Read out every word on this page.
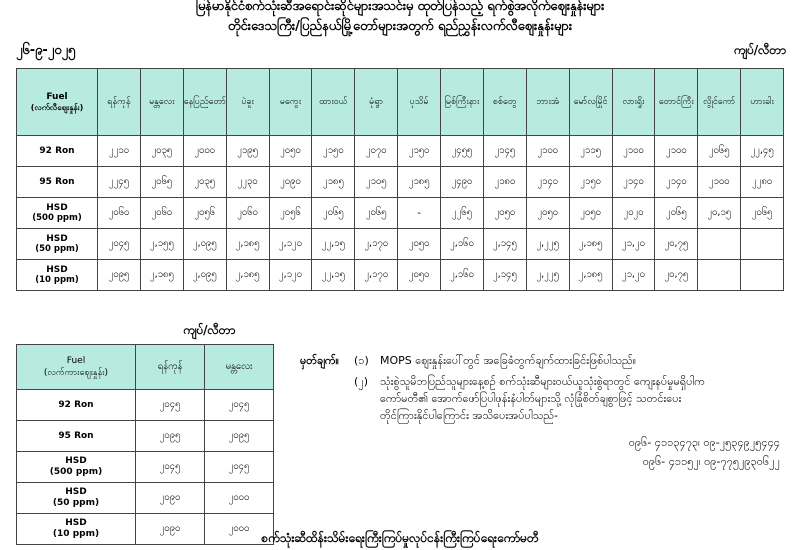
မြန်မာနိုင်ငံစက်သုံးဆီအရောင်းဆိုင်များအသင်းမှ ထုတ်ပြန်သည့် ရက်စွဲအလိုက်စျေးနှုန်းများ
တိုင်းဒေသကြီး/ပြည်နယ်မြို့တော်များအတွက် ရည်ညွှန်းလက်လီဈေးနှုန်းများ
၂၆-၉-၂၀၂၅	ကျပ်/လီတာ
Fuel
(လက်လီဈေးနှုန်း)	ရန်ကုန်	မန္တလေး	နေပြည်တော်	ပဲခူး	မကွေး	ထားဝယ်	မုံရွာ	ပုသိမ်	မြစ်ကြီးနား	စစ်တွေ	ဘားအံ	မော်လမြိုင်	လားရှိုး	တောင်ကြီး	လွိုင်ကော်	ဟားခါး

92 Ron	၂၂၁၀	၂၀၃၅	၂၀၀၀	၂၁၉၅	၂၀၅၀	၂၁၅၀	၂၀၇၀	၂၁၅၀	၂၄၅၅	၂၁၄၅	၂၁၀၀	၂၁၁၅	၂၁၀၀	၂၁၀၀	၂၀၆၅	၂၂,၄၅

95 Ron	၂၂၄၅	၂၀၆၅	၂၀၃၅	၂၂၃၀	၂၀၉၀	၂၁၈၅	၂၁၀၅	၂၁၈၅	၂၄၉၀	၂၁၈၀	၂၁၄၀	၂၁၅၀	၂၁၄၀	၂၁၄၀	၂၁၀၀	၂၂၈၀

HSD
(500 ppm)	၂၀၆၀	၂၀၆၀	၂၀၅၆	၂၀၆၀	၂၀၅၆	၂၀၆၅	၂၀၆၅	-	၂၂၆၅	၂၀၅၀	၂၀၅၀	၂၀၅၀	၂၀၂၀	၂၀၆၅	၂၀,၁၅	၂၀၆၅

HSD
(50 ppm)	၂၀၄၅	၂,၁၅၅	၂,၀၉၅	၂,၁၈၅	၂,၁၂၀	၂၂,၁၅	၂,၁၇၀	၂၀၅၀	၂,၁၆၀	၂,၁၄၅	၂,၂၂၅	၂,၁၈၅	၂၁,၂၀	၂၀,၇၅		

HSD
(10 ppm)	၂၀၉၅	၂,၁၈၅	၂,၀၉၅	၂,၁၈၅	၂,၁၂၀	၂၂,၁၅	၂,၁၇၀	၂၀၅၀	၂,၁၆၀	၂,၁၄၅	၂,၂၂၅	၂,၁၈၅	၂၁,၂၀	၂၀,၇၅		
ကျပ်/လီတာ
Fuel
(လက်ကားဈေးနှုန်း)	ရန်ကုန်	မန္တလေး

92 Ron	၂၀၄၅	၂၀၄၅

95 Ron	၂၀၉၅	၂၀၉၅

HSD
(500 ppm)	၂၀၄၅	၂၀၄၅

HSD
(50 ppm)	၂၀၉၀	၂၀၀၀

HSD
(10 ppm)	၂၀၉၀	၂၀၀၀
မှတ်ချက်။	(၁)	MOPS ဈေးနှုန်းပေါ်တွင် အခြေခံတွက်ချက်ထားခြင်းဖြစ်ပါသည်။
(၂)	သုံးစွဲသူမိဘပြည်သူများနေ့စဉ် စက်သုံးဆီများဝယ်ယူသုံးစွဲရာတွင် ကျေးနပ်မှုမရှိပါက
ကော်မတီ၏ အောက်ဖော်ပြပါဖုန်းနံပါတ်များသို့ လုံခြုံစိတ်ချစွာဖြင့် သတင်းပေး
တိုင်ကြားနိုင်ပါကြောင်း အသိပေးအပ်ပါသည်-
၀၉၆- ၄၁၁၃၄၇၃၊ ၀၉-၂၅၃၄၉၂၅၄၄၄
၀၉၆- ၄၁၁၅၂၊ ၀၉-၇၇၅၂၉၃၀၆၂၂
စက်သုံးဆီထိန်းသိမ်းရေးကြီးကြပ်မှုလုပ်ငန်းကြီးကြပ်ရေးကော်မတီ
